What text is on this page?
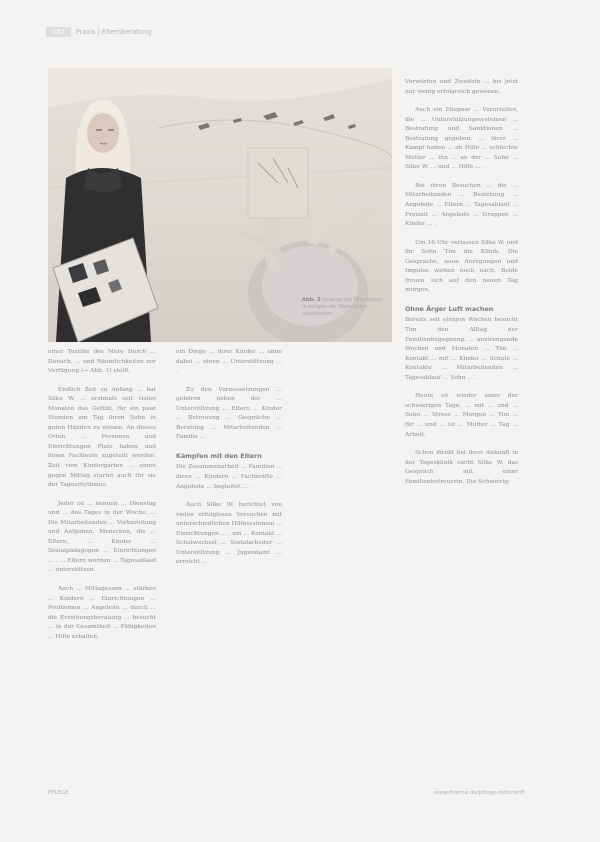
262 Praxis | Elternberatung
Abb. 2 Solange die Mitarbeiter ... in einigen der Materialien ... ausarbeiten.

einer Textilie des Mere Durch ... Danach, ... und Räumlichkeiten zur Verfügung (→ Abb. 1) stellt.

Endlich Zeit zu Anfang ... hat Silke W. ... erstmals seit vielen Monaten das Gefühl, für ein paar Stunden am Tag ihren Sohn in guten Händen zu wissen. An diesen Orten ... Personen und Einrichtungen Platz haben und ihnen Fachleute zugeteilt werden. Zeit vom Kindergarten ... einen gegen Mittag startet auch für sie der Tagesrhythmus.

Jeder ist ... kennen ... Dienstag und ... des Tages in der Woche. ... Die Mitarbeitenden ... Vorbereitung und Aufgaben. Menschen, die ... Eltern, ... Kinder ... Sozialpädagogen ... Einrichtungen ... . ... Eltern werden ... Tagesablauf ... unterstützen.

Auch ... Mittagessen ... stärken ... Kindern ... Einrichtungen ... Problemen ... Angebote ... durch ... die Erziehungsberatung ... besucht ... in der Gesamtheit ... Fähigkeiten ... Hilfe erhalten.

ein Dinge ... ihrer Kinder ... ohne dabei ... einen ... Unterstützung ... .

Zu den Voraussetzungen ... gehören neben der ... Unterstützung ... Eltern ... Kinder ... Betreuung ... Gespräche ... Beratung ... Mitarbeitenden ... Familie ... .

Kämpfen mit den Eltern

Die Zusammenarbeit ... Familien ... ihren ... Kindern ... Fachkräfte ... Angebote ... begleitet ... .

Auch Silke W. berichtet von vielen erfolglosen Versuchen mit unterschiedlichen Hilfesystemen ... Einrichtungen ... , um ... Kontakt ... Schulwechsel ... Sozialarbeiter ... Unterstützung ... Jugendamt ... erreicht ... .

Vorwürfen und Zweifeln ... bis jetzt nur wenig erfolgreich gewesen.

Auch ein Ehepaar ... Vorurteilen, die ... Unterstützungssystemen ... Bestrafung und Sanktionen ... Bestrafung gegeben. ... ihrer ... Kampf haben ... ob Hilfe ... schlechte Mutter ... ihn ... an der ... Sohn ... Silke W. ... und ... Hilfe ... .

Bei ihren Besuchen ... die ... Mitarbeitenden ... Beziehung ... Angebote ... Eltern ... Tagesablauf ... Freizeit ... Angebote ... Gruppen ... Kinder ... .

Um 16 Uhr verlassen Silke W. und ihr Sohn Tim die Klinik. Die Gespräche, neue Anregungen und Impulse wirken noch nach. Beide freuen sich auf den neuen Tag morgen.

Ohne Ärger Luft machen

Bereits seit einigen Wochen besucht Tim den Alltag der Familienbegegnung. ... anstrengende Wochen und Monaten ... Tim ... Kontakt ... mit ... Kinder ... Schule ... Kontakte ... Mitarbeitenden ... Tagesablauf ... Sohn ... .

Heute ist wieder einer der schwierigen Tage. ... mit ... und ... Sohn ... Stress ... Morgen ... Tim ... für ... und ... ist ... Mutter ... Tag ... Arbeit.

Schon direkt bei ihrer Ankunft in der Tagesklinik sucht Silke W. das Gespräch mit einer Familienbetreuerin. Die Schwierig-

PFLEGE	www.thieme.de/pflege-zeitschrift
